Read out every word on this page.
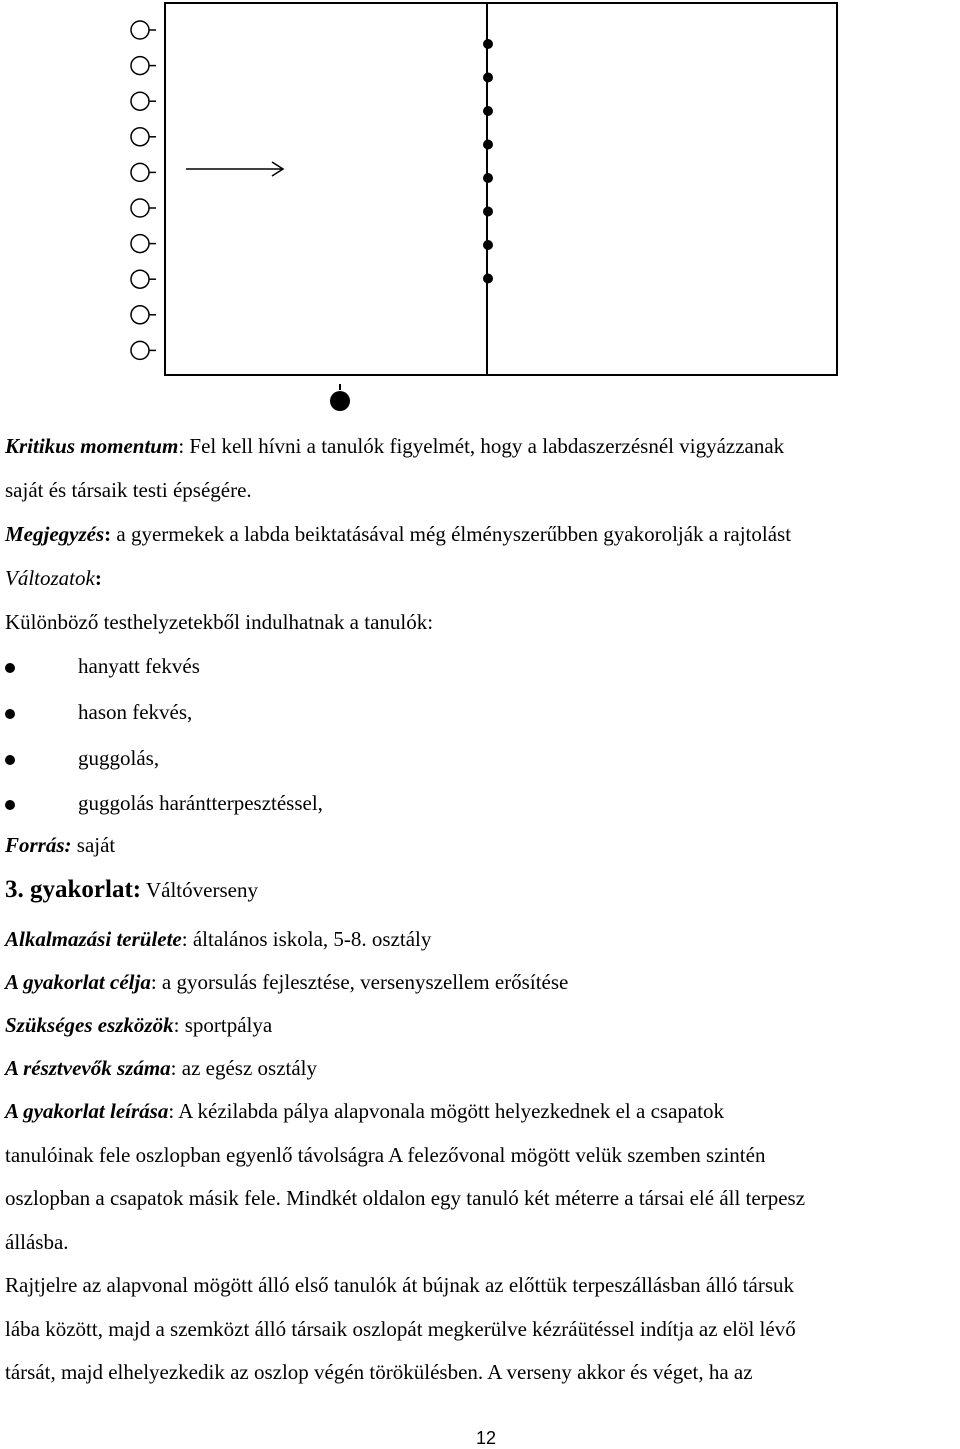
Kritikus momentum: Fel kell hívni a tanulók figyelmét, hogy a labdaszerzésnél vigyázzanak
saját és társaik testi épségére.
Megjegyzés: a gyermekek a labda beiktatásával még élményszerűbben gyakorolják a rajtolást
Változatok:
Különböző testhelyzetekből indulhatnak a tanulók:
hanyatt fekvés
hason fekvés,
guggolás,
guggolás harántterpesztéssel,
Forrás: saját
3. gyakorlat: Váltóverseny
Alkalmazási területe: általános iskola, 5-8. osztály
A gyakorlat célja: a gyorsulás fejlesztése, versenyszellem erősítése
Szükséges eszközök: sportpálya
A résztvevők száma: az egész osztály
A gyakorlat leírása: A kézilabda pálya alapvonala mögött helyezkednek el a csapatok
tanulóinak fele oszlopban egyenlő távolságra A felezővonal mögött velük szemben szintén
oszlopban a csapatok másik fele. Mindkét oldalon egy tanuló két méterre a társai elé áll terpesz
állásba.
Rajtjelre az alapvonal mögött álló első tanulók át bújnak az előttük terpeszállásban álló társuk
lába között, majd a szemközt álló társaik oszlopát megkerülve kézráütéssel indítja az elöl lévő
társát, majd elhelyezkedik az oszlop végén törökülésben. A verseny akkor és véget, ha az
12
